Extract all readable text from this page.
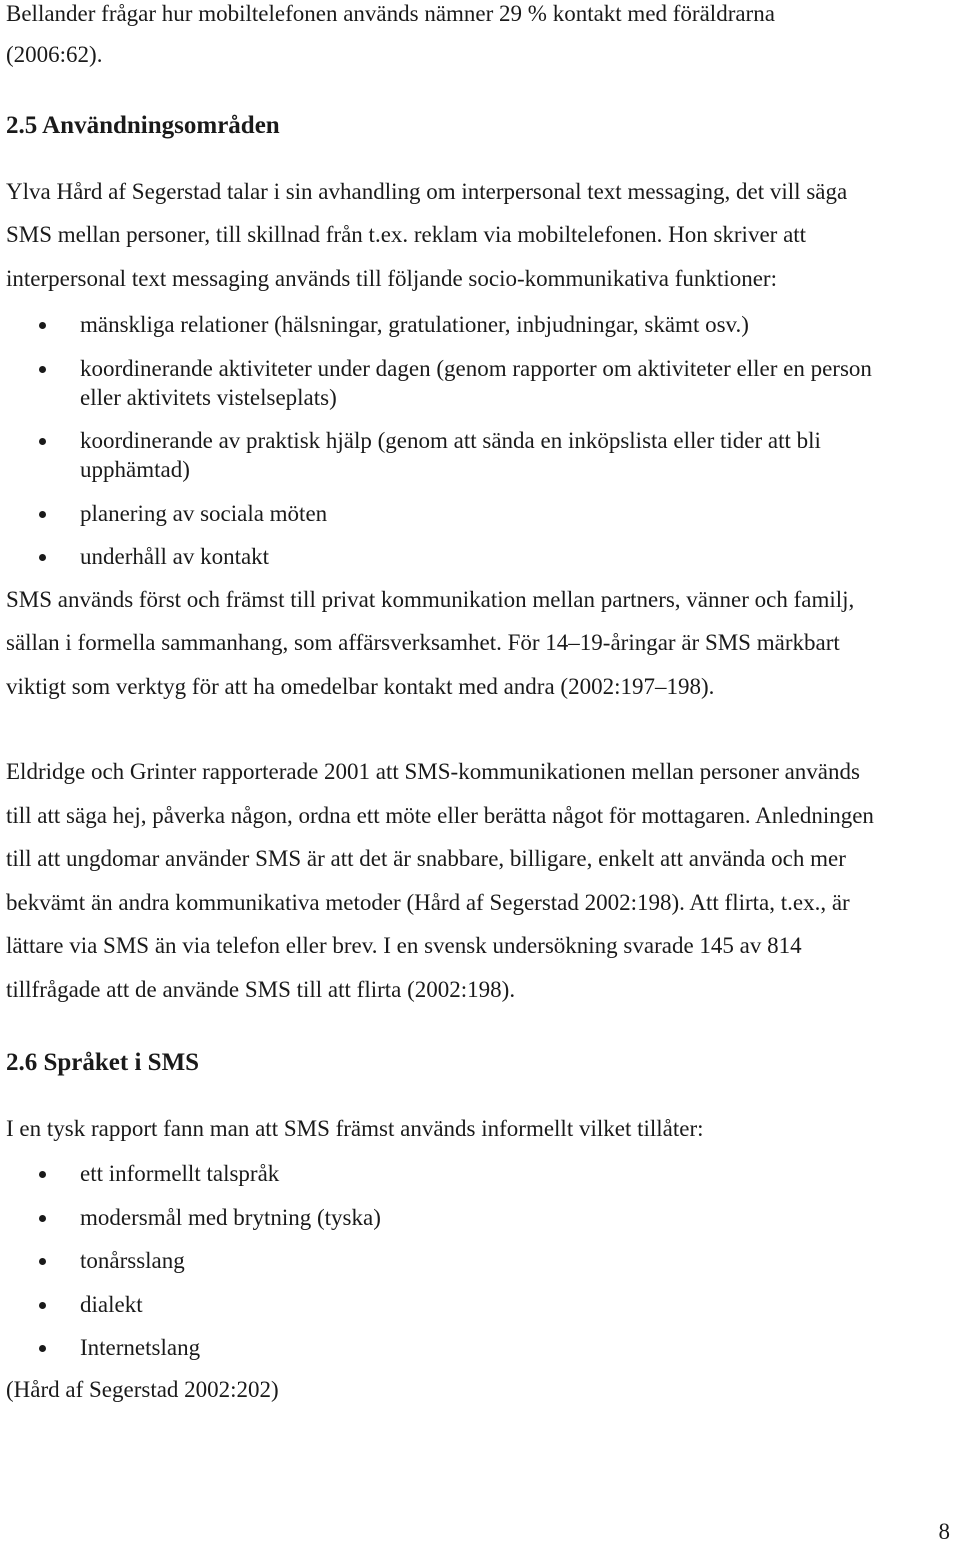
Bellander frågar hur mobiltelefonen används nämner 29 % kontakt med föräldrarna
(2006:62).
2.5 Användningsområden
Ylva Hård af Segerstad talar i sin avhandling om interpersonal text messaging, det vill säga
SMS mellan personer, till skillnad från t.ex. reklam via mobiltelefonen. Hon skriver att
interpersonal text messaging används till följande socio-kommunikativa funktioner:
mänskliga relationer (hälsningar, gratulationer, inbjudningar, skämt osv.)
koordinerande aktiviteter under dagen (genom rapporter om aktiviteter eller en person
eller aktivitets vistelseplats)
koordinerande av praktisk hjälp (genom att sända en inköpslista eller tider att bli
upphämtad)
planering av sociala möten
underhåll av kontakt
SMS används först och främst till privat kommunikation mellan partners, vänner och familj,
sällan i formella sammanhang, som affärsverksamhet. För 14–19-åringar är SMS märkbart
viktigt som verktyg för att ha omedelbar kontakt med andra (2002:197–198).
Eldridge och Grinter rapporterade 2001 att SMS-kommunikationen mellan personer används
till att säga hej, påverka någon, ordna ett möte eller berätta något för mottagaren. Anledningen
till att ungdomar använder SMS är att det är snabbare, billigare, enkelt att använda och mer
bekvämt än andra kommunikativa metoder (Hård af Segerstad 2002:198). Att flirta, t.ex., är
lättare via SMS än via telefon eller brev. I en svensk undersökning svarade 145 av 814
tillfrågade att de använde SMS till att flirta (2002:198).
2.6 Språket i SMS
I en tysk rapport fann man att SMS främst används informellt vilket tillåter:
ett informellt talspråk
modersmål med brytning (tyska)
tonårsslang
dialekt
Internetslang
(Hård af Segerstad 2002:202)
8
